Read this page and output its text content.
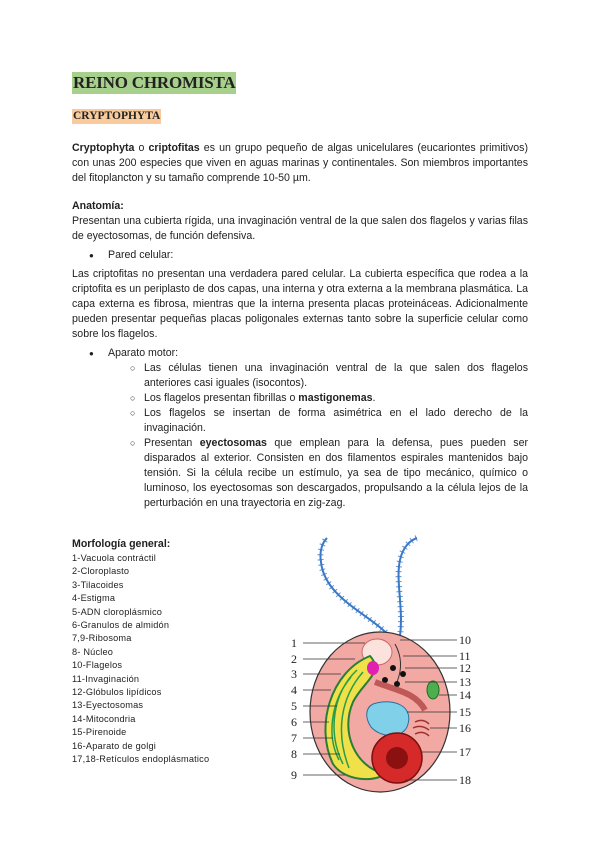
REINO CHROMISTA
CRYPTOPHYTA

Cryptophyta o criptofitas es un grupo pequeño de algas unicelulares (eucariontes primitivos) con unas 200 especies que viven en aguas marinas y continentales. Son miembros importantes del fitoplancton y su tamaño comprende 10-50 µm.

Anatomía:

Presentan una cubierta rígida, una invaginación ventral de la que salen dos flagelos y varias filas de eyectosomas, de función defensiva.

● Pared celular:

Las criptofitas no presentan una verdadera pared celular. La cubierta específica que rodea a la criptofita es un periplasto de dos capas, una interna y otra externa a la membrana plasmática. La capa externa es fibrosa, mientras que la interna presenta placas proteináceas. Adicionalmente pueden presentar pequeñas placas poligonales externas tanto sobre la superficie celular como sobre los flagelos.

● Aparato motor:

○ Las células tienen una invaginación ventral de la que salen dos flagelos anteriores casi iguales (isocontos).

○ Los flagelos presentan fibrillas o mastigonemas.

○ Los flagelos se insertan de forma asimétrica en el lado derecho de la invaginación.

○ Presentan eyectosomas que emplean para la defensa, pues pueden ser disparados al exterior. Consisten en dos filamentos espirales mantenidos bajo tensión. Si la célula recibe un estímulo, ya sea de tipo mecánico, químico o luminoso, los eyectosomas son descargados, propulsando a la célula lejos de la perturbación en una trayectoria en zig-zag.

Morfología general:
1-Vacuola contráctil
2-Cloroplasto
3-Tilacoides
4-Estigma
5-ADN cloroplásmico
6-Granulos de almidón
7,9-Ribosoma
8- Núcleo
10-Flagelos
11-Invaginación
12-Glóbulos lipídicos
13-Eyectosomas
14-Mitocondria
15-Pirenoide
16-Aparato de golgi
17,18-Retículos endoplásmatico
1
2
3
4
5
6
7
8
9
10
11
12
13
14
15
16
17
18
